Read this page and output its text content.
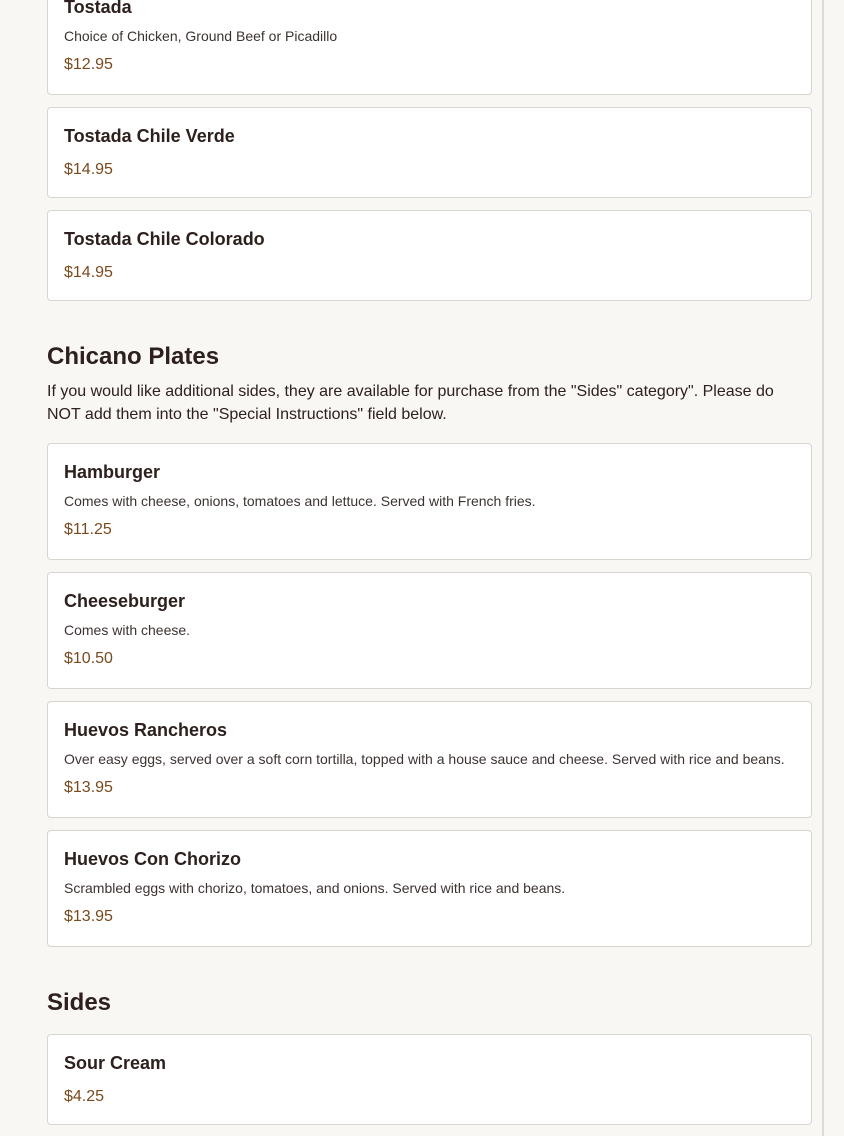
Tostada
Choice of Chicken, Ground Beef or Picadillo
$12.95
Tostada Chile Verde
$14.95
Tostada Chile Colorado
$14.95
Chicano Plates

If you would like additional sides, they are available for purchase from the "Sides" category". Please do NOT add them into the "Special Instructions" field below.

Hamburger
Comes with cheese, onions, tomatoes and lettuce. Served with French fries.
$11.25
Cheeseburger
Comes with cheese.
$10.50
Huevos Rancheros
Over easy eggs, served over a soft corn tortilla, topped with a house sauce and cheese. Served with rice and beans.
$13.95
Huevos Con Chorizo
Scrambled eggs with chorizo, tomatoes, and onions. Served with rice and beans.
$13.95
Sides
Sour Cream
$4.25
